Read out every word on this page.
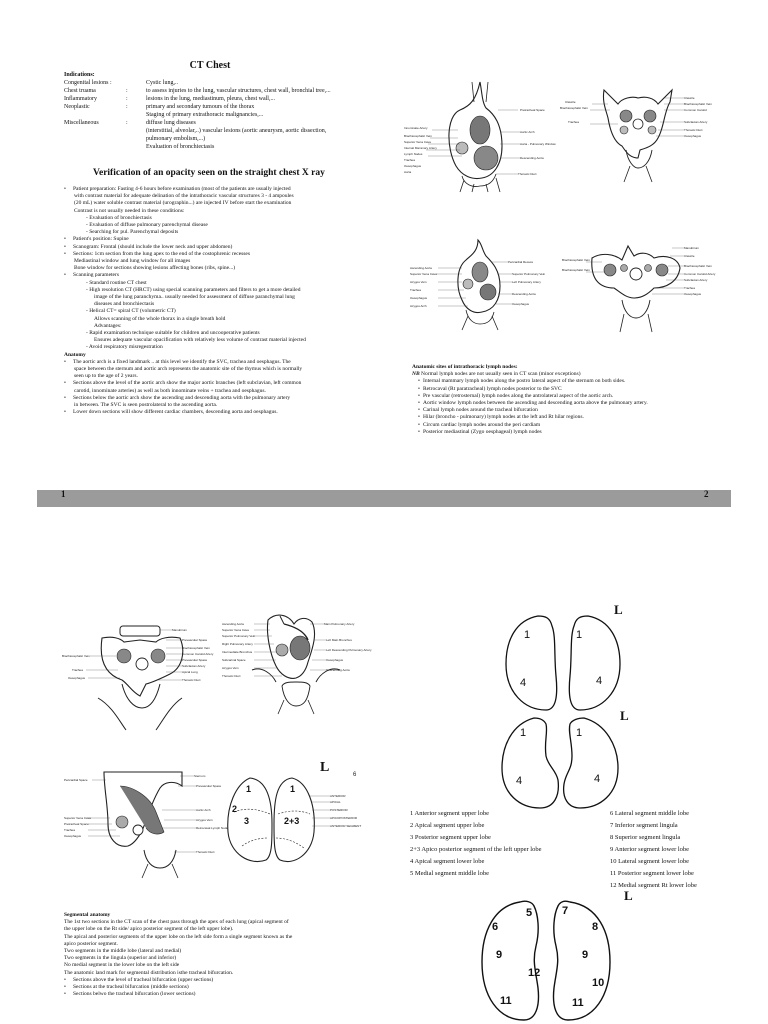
CT Chest
Indications:
Congenital lesions :	Cystic lung,..
Chest truama	:	to assess injuries to the lung, vascular structures, chest wall, bronchial tree,...
Inflammatory	:	lesions in the lung, mediastinum, pleura, chest wall,...
Neoplastic	:	primary and secondary tumours of the thorax
Staging of primary extrathoracic malignancies,...
Miscellaneous	:	diffuse lung diseases
(interstitial, alveolar,..) vascular lesions (aortic aneurysm, aortic dissection,
pulmonary embolism,...)
Evaluation of bronchiectasis
Verification of an opacity seen on the straight chest X ray
Patient preparation: Fasting 4-6 hours before examination (most of the patients are usually injected
•
with contrast material for adequate delination of the intrathoracic vascular structures 3 - 4 ampoules
(20 mL) water soluble contrast material (urographin...) are injected IV before start the examination
Contrast is not usually needed in these conditions:
- Evaluation of bronchiectasis
- Evaluation of diffuse pulmonary parenchymal disease
- Searching for pul. Parenchymal deposits
Patient's position: Supine
•
Scanogram: Frontal (should include the lower neck and upper abdomen)
•
Sections: 1cm section from the lung apex to the end of the costophrenic recesses
•
Mediastinal window and lung window for all images
Bone window for sections showing lesions affecting bones (ribs, spine...)
Scanning parameters
•
- Standard routine CT chest
- High resolution CT (HRCT) using special scanning parameters and filters to get a more detailed
image of the lung paranchyma.. usually needed for assessment of diffuse paranchymal lung
diseases and bronchiectasis
- Helical CT= spiral CT (volumetric CT)
Allows scanning of the whole thorax in a single breath hold
Advantages:
- Rapid examination technique suitable for children and uncooperative patients
Ensures adequate vascular opacification with relatively less volume of contrast material injected
- Avoid respiratory misregestration
Anatomy
The aortic arch is a fixed landmark .. at this level we identify the SVC, trachea and oesphagus. The
•
space between the sternum and aortic arch represents the anatomic site of the thymus which is normally
seen up to the age of 2 years.
Sections above the level of the aortic arch show the major aortic branches (left subclavian, left common
•
carotid, innominate arteries) as well as both innominate veins + trachea and oesphagus.
Sections below the aortic arch show the ascending and descending aorta with the pulmonary artery
•
in between. The SVC is seen postrolateral to the ascending aorta.
Lower down sections will show different cardiac chambers, descending aorta and oesphagus.
•
Innominate Artery
Brachiocephalic Vein
Superior Vena Cava
Internal Mammary Artery
Lymph Nodes
Trachea
Oesophagus
Aorta
Pretracheal Space
Aortic Arch
Aorta - Pulmonary Window
Descending Aorta
Thoracic Duct
Clavicle
Brachiocephalic Vein
Trachea
Clavicle
Brachiocephalic Vein
Common Carotid
Subclavian Artery
Thoracic Duct
Oesophagus
Ascending Aorta
Superior Vena Cava
Azygos Vein
Trachea
Oesophagus
Azygos Arch
Pericardial Recess
Superior Pulmonary Vein
Left Pulmonary Artery
Descending Aorta
Oesophagus
Brachiocephalic Vein
Brachiocephalic Vein
Manubrium
Clavicle
Brachiocephalic Vein
Common Carotid Artery
Subclavian Artery
Trachea
Oesophagus
Anatomic sites of intrathoracic lymph nodes:
NB Normal lymph nodes are not usually seen in CT scan (minor exceptions)
• Internal mammary lymph nodes along the postro lateral aspect of the sternum on both sides.
• Retrocaval (Rt paratracheal) lymph nodes posterior to the SVC
• Pre vascular (retrosternal) lymph nodes along the antrolateral aspect of the aortic arch.
• Aortic window lymph nodes between the ascending and descending aorta above the pulmonary artery.
• Carinal lymph nodes around the tracheal bifurcation
• Hilar (broncho - pulmonary) lymph nodes at the left and Rt hilar regions.
• Circum cardiac lymph nodes around the peri cardiam
• Posterior mediastinal (Zygo oesphageal) lymph nodes
1	2
Manubrium
Prevascular Space
Brachiocephalic Vein
Common Carotid Artery
Prevascular Space
Subclavian Artery
Apical Lung
Thoracic Duct
Brachiocephalic Vein
Trachea
Oesophagus
Ascending Aorta
Superior Vena Cava
Superior Pulmonary Vein
Right Pulmonary Artery
Intermediate Bronchus
Subcarinal Space
Azygos Vein
Thoracic Duct
Main Pulmonary Artery
Left Main Bronchus
Left Descending Pulmonary Artery
Oesophagus
Descending Aorta
Pericardial Space
Superior Vena Cava
Pretracheal Space
Trachea
Oesophagus
Sternum
Prevascular Space
Aortic Arch
Azygos Vein
Retrocaval Lymph Node
Thoracic Duct
ANTERIOR
APICAL
POSTERIOR
APICOPOSTERIOR
ANTERIOR SEGMENT
1	1
2
3	2+3
6
L
Segmental anatomy
The 1st two sections in the CT scan of the chest pass through the apex of each lung (apical segment of
the upper lobe on the Rt side/ apico posterior segment of the left upper lobe).
The apical and posterior segments of the upper lobe on the left side form a single segment known as the
apico posterior segment.
Two segments in the middle lobe (lateral and medial)
Two segments in the lingula (superior and inferior)
No medial segment in the lower lobe on the left side
The anatomic land mark for segmental distribution isthe tracheal bifurcation.
Sections above the level of tracheal bifurcation (upper sections)
•
Sections at the tracheal bifurcation (middle sections)
•
Sections belwo the tracheal bifurcation (lower sections)
•
1	1
4	4
L
1	1
4	4
L
1 Anterior segment upper lobe
2 Apical segment upper lobe
3 Posterior segment upper lobe
2+3 Apico posterior segment of the left upper lobe
4 Apical segment lower lobe
5 Medial segment middle lobe
6 Lateral segment middle lobe
7 Inferior segment lingula
8 Superior segment lingula
9 Anterior segment lower lobe
10 Lateral segment lower lobe
11 Posterior segment lower lobe
12 Medial segment Rt lower lobe
L
5	7
6	8
9	9
12
10
11	11
